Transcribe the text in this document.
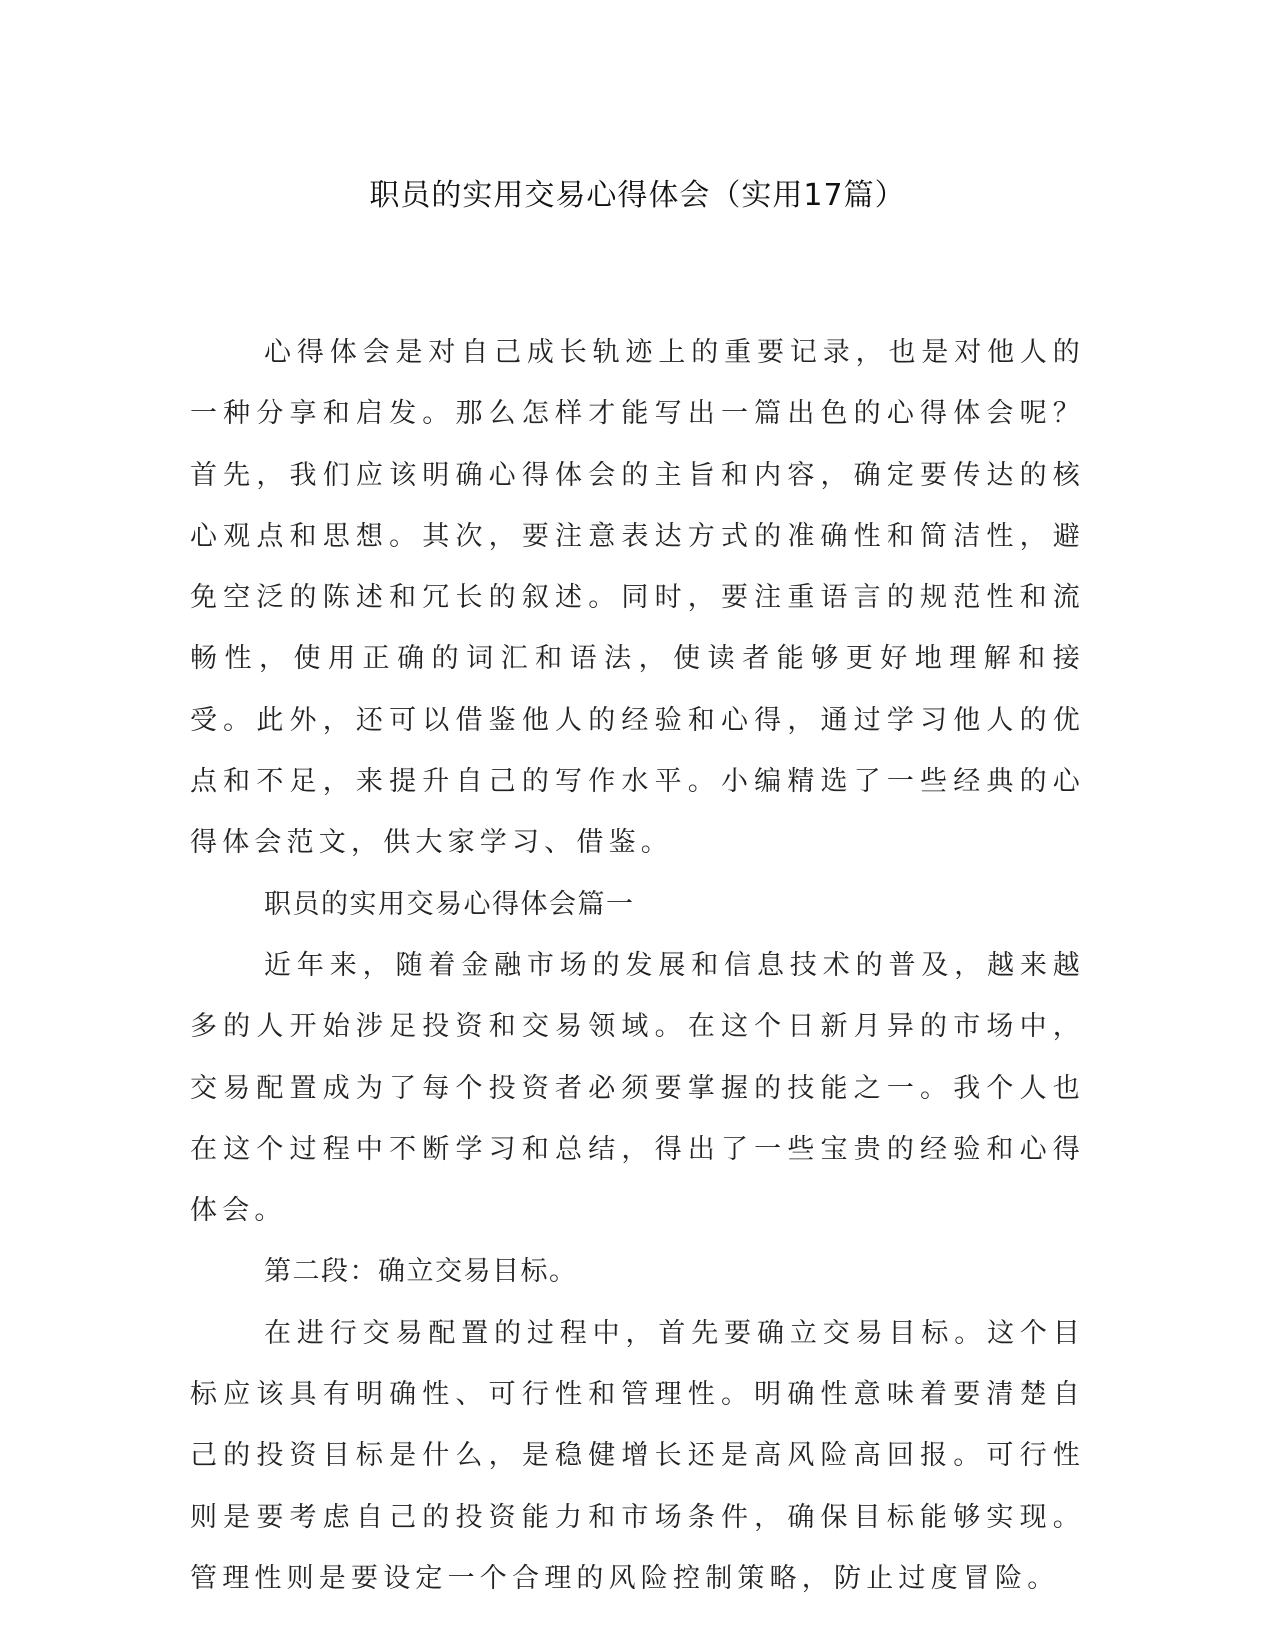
职员的实用交易心得体会（实用17篇）

心得体会是对自己成长轨迹上的重要记录，也是对他人的一种分享和启发。那么怎样才能写出一篇出色的心得体会呢？首先，我们应该明确心得体会的主旨和内容，确定要传达的核心观点和思想。其次，要注意表达方式的准确性和简洁性，避免空泛的陈述和冗长的叙述。同时，要注重语言的规范性和流畅性，使用正确的词汇和语法，使读者能够更好地理解和接受。此外，还可以借鉴他人的经验和心得，通过学习他人的优点和不足，来提升自己的写作水平。小编精选了一些经典的心得体会范文，供大家学习、借鉴。

职员的实用交易心得体会篇一

近年来，随着金融市场的发展和信息技术的普及，越来越多的人开始涉足投资和交易领域。在这个日新月异的市场中，交易配置成为了每个投资者必须要掌握的技能之一。我个人也在这个过程中不断学习和总结，得出了一些宝贵的经验和心得体会。

第二段：确立交易目标。

在进行交易配置的过程中，首先要确立交易目标。这个目标应该具有明确性、可行性和管理性。明确性意味着要清楚自己的投资目标是什么，是稳健增长还是高风险高回报。可行性则是要考虑自己的投资能力和市场条件，确保目标能够实现。管理性则是要设定一个合理的风险控制策略，防止过度冒险。
